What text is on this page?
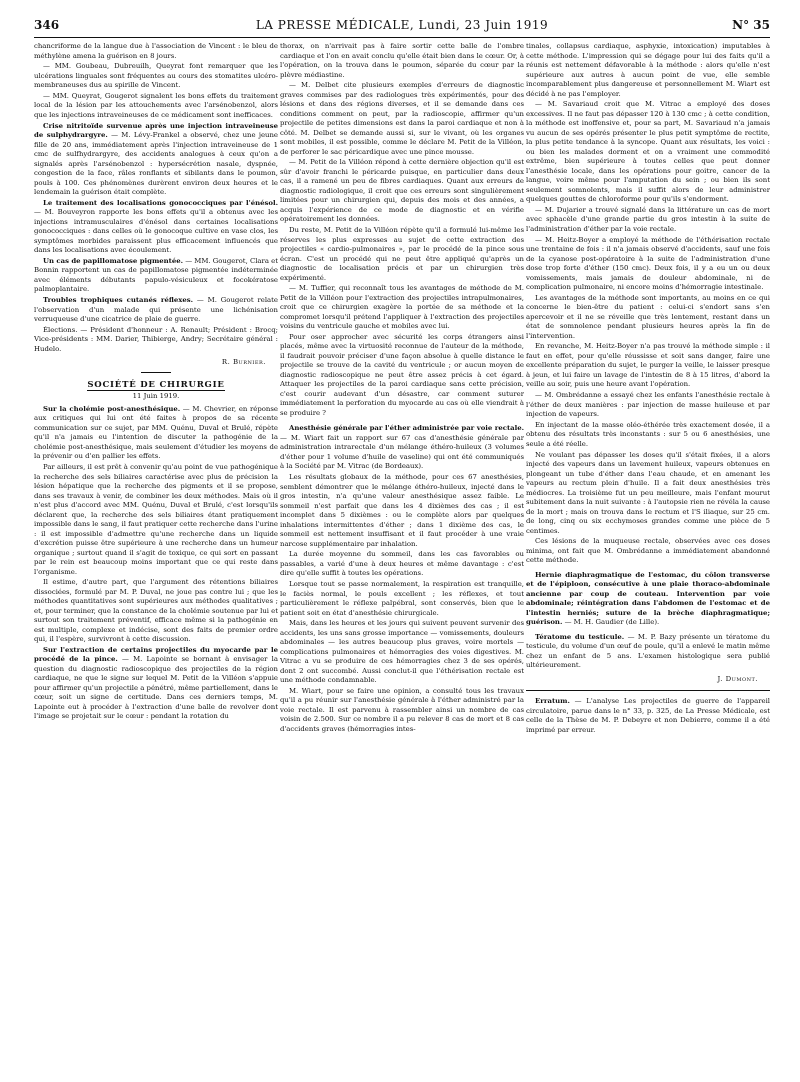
346	LA PRESSE MÉDICALE, Lundi, 23 Juin 1919	N° 35

chancriforme de la langue due à l'association de Vincent : le bleu de méthylène amena la guérison en 8 jours.

— MM. Goubeau, Dubreuilh, Queyrat font remarquer que les ulcérations linguales sont fréquentes au cours des stomatites ulcéro-membraneuses dus au spirille de Vincent.

— MM. Queyrat, Gougerot signalent les bons effets du traitement local de la lésion par les attouchements avec l'arsénobenzol, alors que les injections intraveineuses de ce médicament sont inefficaces.

Crise nitritoïde survenue après une injection intraveineuse de sulphydrargyre. — M. Lévy-Frankel a observé, chez une jeune fille de 20 ans, immédiatement après l'injection intraveineuse de 1 cmc de sulfhydrargyre, des accidents analogues à ceux qu'on a signalés après l'arsénobenzol : hypersécrétion nasale, dyspnée, congestion de la face, râles ronflants et sibilants dans le poumon, pouls à 100. Ces phénomènes durèrent environ deux heures et le lendemain la guérison était complète.

Le traitement des localisations gonococciques par l'énésol. — M. Bouveyron rapporte les bons effets qu'il a obtenus avec les injections intramusculaires d'énésol dans certaines localisations gonococciques : dans celles où le gonocoque cultive en vase clos, les symptômes morbides paraissent plus efficacement influencés que dans les localisations avec écoulement.

Un cas de papillomatose pigmentée. — MM. Gougerot, Clara et Bonnin rapportent un cas de papillomatose pigmentée indéterminée avec éléments débutants papulo-vésiculeux et focokératose palmoplantaire.

Troubles trophiques cutanés réflexes. — M. Gougerot relate l'observation d'un malade qui présente une lichénisation verruqueuse d'une cicatrice de plaie de guerre.

Élections. — Président d'honneur : A. Renault; Président : Brocq; Vice-présidents : MM. Darier, Thibierge, Andry; Secrétaire général : Hudelo.

R. Burnier.

SOCIÉTÉ DE CHIRURGIE

11 Juin 1919.

Sur la cholémie post-anesthésique. — M. Chevrier, en réponse aux critiques qui lui ont été faites à propos de sa récente communication sur ce sujet, par MM. Quénu, Duval et Brulé, répète qu'il n'a jamais eu l'intention de discuter la pathogénie de la cholémie post-anesthésique, mais seulement d'étudier les moyens de la prévenir ou d'en pallier les effets.

Par ailleurs, il est prêt à convenir qu'au point de vue pathogénique la recherche des sels biliaires caractérise avec plus de précision la lésion hépatique que la recherche des pigments et il se propose, dans ses travaux à venir, de combiner les deux méthodes. Mais où il n'est plus d'accord avec MM. Quénu, Duval et Brulé, c'est lorsqu'ils déclarent que, la recherche des sels biliaires étant pratiquement impossible dans le sang, il faut pratiquer cette recherche dans l'urine : il est impossible d'admettre qu'une recherche dans un liquide d'excrétion puisse être supérieure à une recherche dans un humeur organique ; surtout quand il s'agit de toxique, ce qui sort en passant par le rein est beaucoup moins important que ce qui reste dans l'organisme.

Il estime, d'autre part, que l'argument des rétentions biliaires dissociées, formulé par M. P. Duval, ne joue pas contre lui ; que les méthodes quantitatives sont supérieures aux méthodes qualitatives ; et, pour terminer, que la constance de la cholémie soutenue par lui et surtout son traitement préventif, efficace même si la pathogénie en est multiple, complexe et indécise, sont des faits de premier ordre qui, il l'espère, survivront à cette discussion.

Sur l'extraction de certains projectiles du myocarde par le procédé de la pince. — M. Lapointe se bornant à envisager la question du diagnostic radioscopique des projectiles de la région cardiaque, ne que le signe sur lequel M. Petit de la Villéon s'appuie pour affirmer qu'un projectile a pénétré, même partiellement, dans le cœur, soit un signe de certitude. Dans ces derniers temps, M. Lapointe eut à procéder à l'extraction d'une balle de revolver dont l'image se projetait sur le cœur : pendant la rotation du

thorax, on n'arrivait pas à faire sortir cette balle de l'ombre cardiaque et l'on en avait conclu qu'elle était bien dans le cœur. Or, à l'opération, on la trouva dans le poumon, séparée du cœur par la plèvre médiastine.

— M. Delbet cite plusieurs exemples d'erreurs de diagnostic graves commises par des radiologues très expérimentés, pour des lésions et dans des régions diverses, et il se demande dans ces conditions comment on peut, par la radioscopie, affirmer qu'un projectile de petites dimensions est dans la paroi cardiaque et non à côté. M. Delbet se demande aussi si, sur le vivant, où les organes sont mobiles, il est possible, comme le déclare M. Petit de la Villéon, de perforer le sac péricardique avec une pince mousse.

— M. Petit de la Villéon répond à cette dernière objection qu'il est sûr d'avoir franchi le péricarde puisque, en particulier dans deux cas, il a ramené un peu de fibres cardiaques. Quant aux erreurs de diagnostic radiologique, il croit que ces erreurs sont singulièrement limitées pour un chirurgien qui, depuis des mois et des années, a acquis l'expérience de ce mode de diagnostic et en vérifie opératoirement les données.

Du reste, M. Petit de la Villéon répète qu'il a formulé lui-même les réserves les plus expresses au sujet de cette extraction des projectiles « cardio-pulmonaires », par le procédé de la pince sous écran. C'est un procédé qui ne peut être appliqué qu'après un diagnostic de localisation précis et par un chirurgien très expérimenté.

— M. Tuffier, qui reconnaît tous les avantages de méthode de M. Petit de la Villéon pour l'extraction des projectiles intrapulmonaires, croit que ce chirurgien exagère la portée de sa méthode et la compromet lorsqu'il prétend l'appliquer à l'extraction des projectiles voisins du ventricule gauche et mobiles avec lui.

Pour oser approcher avec sécurité les corps étrangers ainsi placés, même avec la virtuosité reconnue de l'auteur de la méthode, il faudrait pouvoir préciser d'une façon absolue à quelle distance le projectile se trouve de la cavité du ventricule ; or aucun moyen de diagnostic radioscopique ne peut être assez précis à cet égard. Attaquer les projectiles de la paroi cardiaque sans cette précision, c'est courir audevant d'un désastre, car comment suturer immédiatement la perforation du myocarde au cas où elle viendrait à se produire ?

Anesthésie générale par l'éther administrée par voie rectale. — M. Wiart fait un rapport sur 67 cas d'anesthésie générale par administration intrarectale d'un mélange éthéro-huileux (3 volumes d'éther pour 1 volume d'huile de vaseline) qui ont été communiqués à la Société par M. Vitrac (de Bordeaux).

Les résultats globaux de la méthode, pour ces 67 anesthésies, semblent démontrer que le mélange éthéro-huileux, injecté dans le gros intestin, n'a qu'une valeur anesthésique assez faible. Le sommeil n'est parfait que dans les 4 dixièmes des cas ; il est incomplet dans 5 dixièmes : ou le complète alors par quelques inhalations intermittentes d'éther ; dans 1 dixième des cas, le sommeil est nettement insuffisant et il faut procéder à une vraie narcose supplémentaire par inhalation.

La durée moyenne du sommeil, dans les cas favorables ou passables, a varié d'une à deux heures et même davantage : c'est dire qu'elle suffit à toutes les opérations.

Lorsque tout se passe normalement, la respiration est tranquille, le faciès normal, le pouls excellent ; les réflexes, et tout particulièrement le réflexe palpébral, sont conservés, bien que le patient soit en état d'anesthésie chirurgicale.

Mais, dans les heures et les jours qui suivent peuvent survenir des accidents, les uns sans grosse importance — vomissements, douleurs abdominales — les autres beaucoup plus graves, voire mortels — complications pulmonaires et hémorragies des voies digestives. M. Vitrac a vu se produire de ces hémorragies chez 3 de ses opérés, dont 2 ont succombé. Aussi conclut-il que l'éthérisation rectale est une méthode condamnable.

M. Wiart, pour se faire une opinion, a consulté tous les travaux qu'il a pu réunir sur l'anesthésie générale à l'éther administré par la voie rectale. Il est parvenu à rassembler ainsi un nombre de cas voisin de 2.500. Sur ce nombre il a pu relever 8 cas de mort et 8 cas d'accidents graves (hémorragies intes-

tinales, collapsus cardiaque, asphyxie, intoxication) imputables à cette méthode. L'impression qui se dégage pour lui des faits qu'il a réunis est nettement défavorable à la méthode : alors qu'elle n'est supérieure aux autres à aucun point de vue, elle semble incomparablement plus dangereuse et personnellement M. Wiart est décidé à ne pas l'employer.

— M. Savariaud croit que M. Vitrac a employé des doses excessives. Il ne faut pas dépasser 120 à 130 cmc ; à cette condition, la méthode est inoffensive et, pour sa part, M. Savariaud n'a jamais vu aucun de ses opérés présenter le plus petit symptôme de rectite, la plus petite tendance à la syncope. Quant aux résultats, les voici : ou bien les malades dorment et on a vraiment une commodité extrême, bien supérieure à toutes celles que peut donner l'anesthésie locale, dans les opérations pour goitre, cancer de la langue, voire même pour l'amputation du sein ; ou bien ils sont seulement somnolents, mais il suffit alors de leur administrer quelques gouttes de chloroforme pour qu'ils s'endorment.

— M. Dujarier a trouvé signalé dans la littérature un cas de mort avec sphacèle d'une grande partie du gros intestin à la suite de l'administration d'éther par la voie rectale.

— M. Heitz-Boyer a employé la méthode de l'éthérisation rectale une trentaine de fois : il n'a jamais observé d'accidents, sauf une fois de la cyanose post-opératoire à la suite de l'administration d'une dose trop forte d'éther (150 cmc). Deux fois, il y a eu un ou deux vomissements, mais jamais de douleur abdominale, ni de complication pulmonaire, ni encore moins d'hémorragie intestinale.

Les avantages de la méthode sont importants, au moins en ce qui concerne le bien-être du patient : celui-ci s'endort sans s'en apercevoir et il ne se réveille que très lentement, restant dans un état de somnolence pendant plusieurs heures après la fin de l'intervention.

En revanche, M. Heitz-Boyer n'a pas trouvé la méthode simple : il faut en effet, pour qu'elle réussisse et soit sans danger, faire une excellente préparation du sujet, le purger la veille, le laisser presque à jeun, et lui faire un lavage de l'intestin de 8 à 15 litres, d'abord la veille au soir, puis une heure avant l'opération.

— M. Ombrédanne a essayé chez les enfants l'anesthésie rectale à l'éther de deux manières : par injection de masse huileuse et par injection de vapeurs.

En injectant de la masse oléo-éthérée très exactement dosée, il a obtenu des résultats très inconstants : sur 5 ou 6 anesthésies, une seule a été réelle.

Ne voulant pas dépasser les doses qu'il s'était fixées, il a alors injecté des vapeurs dans un lavement huileux, vapeurs obtenues en plongeant un tube d'éther dans l'eau chaude, et en amenant les vapeurs au rectum plein d'huile. Il a fait deux anesthésies très médiocres. La troisième fut un peu meilleure, mais l'enfant mourut subitement dans la nuit suivante : à l'autopsie rien ne révéla la cause de la mort ; mais on trouva dans le rectum et l'S iliaque, sur 25 cm. de long, cinq ou six ecchymoses grandes comme une pièce de 5 centimes.

Ces lésions de la muqueuse rectale, observées avec ces doses minima, ont fait que M. Ombrédanne a immédiatement abandonné cette méthode.

Hernie diaphragmatique de l'estomac, du côlon transverse et de l'épiploon, consécutive à une plaie thoraco-abdominale ancienne par coup de couteau. Intervention par voie abdominale; réintégration dans l'abdomen de l'estomac et de l'intestin herniés; suture de la brèche diaphragmatique; guérison. — M. H. Gaudier (de Lille).

Tératome du testicule. — M. P. Bazy présente un tératome du testicule, du volume d'un œuf de poule, qu'il a enlevé le matin même chez un enfant de 5 ans. L'examen histologique sera publié ultérieurement.

J. Dumont.

Erratum. — L'analyse Les projectiles de guerre de l'appareil circulatoire, parue dans le n° 33, p. 325, de La Presse Médicale, est celle de la Thèse de M. P. Debeyre et non Debierre, comme il a été imprimé par erreur.
